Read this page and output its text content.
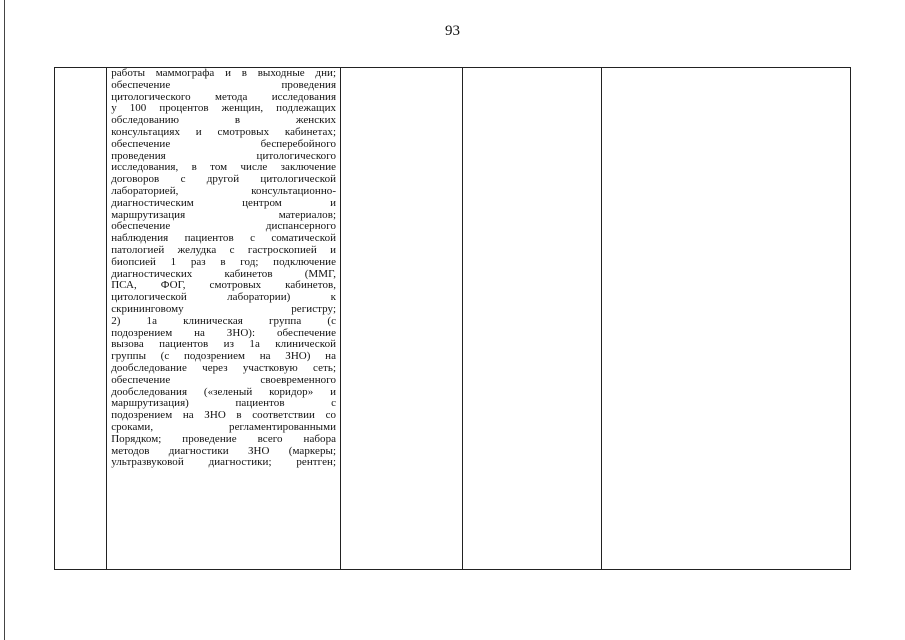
93

работы маммографа и в выходные дни;
обеспечение проведения
цитологического метода исследования
у 100 процентов женщин, подлежащих
обследованию в женских
консультациях и смотровых кабинетах;
обеспечение бесперебойного
проведения цитологического
исследования, в том числе заключение
договоров с другой цитологической
лабораторией, консультационно-
диагностическим центром и
маршрутизация материалов;
обеспечение диспансерного
наблюдения пациентов с соматической
патологией желудка с гастроскопией и
биопсией 1 раз в год; подключение
диагностических кабинетов (ММГ,
ПСА, ФОГ, смотровых кабинетов,
цитологической лаборатории) к
скрининговому регистру;
2) 1а клиническая группа (с
подозрением на ЗНО): обеспечение
вызова пациентов из 1а клинической
группы (с подозрением на ЗНО) на
дообследование через участковую сеть;
обеспечение своевременного
дообследования («зеленый коридор» и
маршрутизация) пациентов с
подозрением на ЗНО в соответствии со
сроками, регламентированными
Порядком; проведение всего набора
методов диагностики ЗНО (маркеры;
ультразвуковой диагностики; рентген;
